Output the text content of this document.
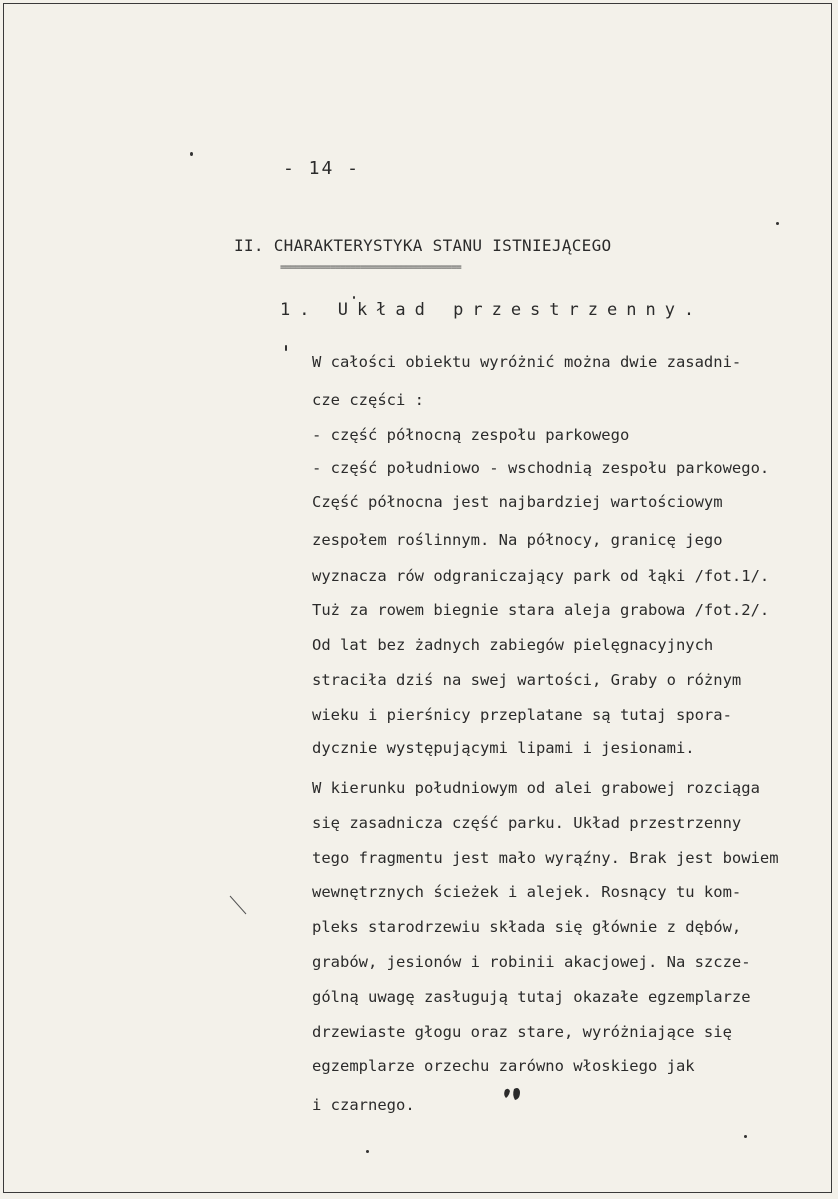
- 14 -
II. CHARAKTERYSTYKA STANU ISTNIEJĄCEGO
====================================
1. Układ przestrzenny.
W całości obiektu wyróżnić można dwie zasadni-
cze części :
- część północną zespołu parkowego
- część południowo - wschodnią zespołu parkowego.
Część północna jest najbardziej wartościowym
zespołem roślinnym. Na północy, granicę jego
wyznacza rów odgraniczający park od łąki /fot.1/.
Tuż za rowem biegnie stara aleja grabowa /fot.2/.
Od lat bez żadnych zabiegów pielęgnacyjnych
straciła dziś na swej wartości, Graby o różnym
wieku i pierśnicy przeplatane są tutaj spora-
dycznie występującymi lipami i jesionami.
W kierunku południowym od alei grabowej rozciąga
się zasadnicza część parku. Układ przestrzenny
tego fragmentu jest mało wyrąźny. Brak jest bowiem
wewnętrznych ścieżek i alejek. Rosnący tu kom-
pleks starodrzewiu składa się głównie z dębów,
grabów, jesionów i robinii akacjowej. Na szcze-
gólną uwagę zasługują tutaj okazałe egzemplarze
drzewiaste głogu oraz stare, wyróżniające się
egzemplarze orzechu zarówno włoskiego jak
i czarnego.
